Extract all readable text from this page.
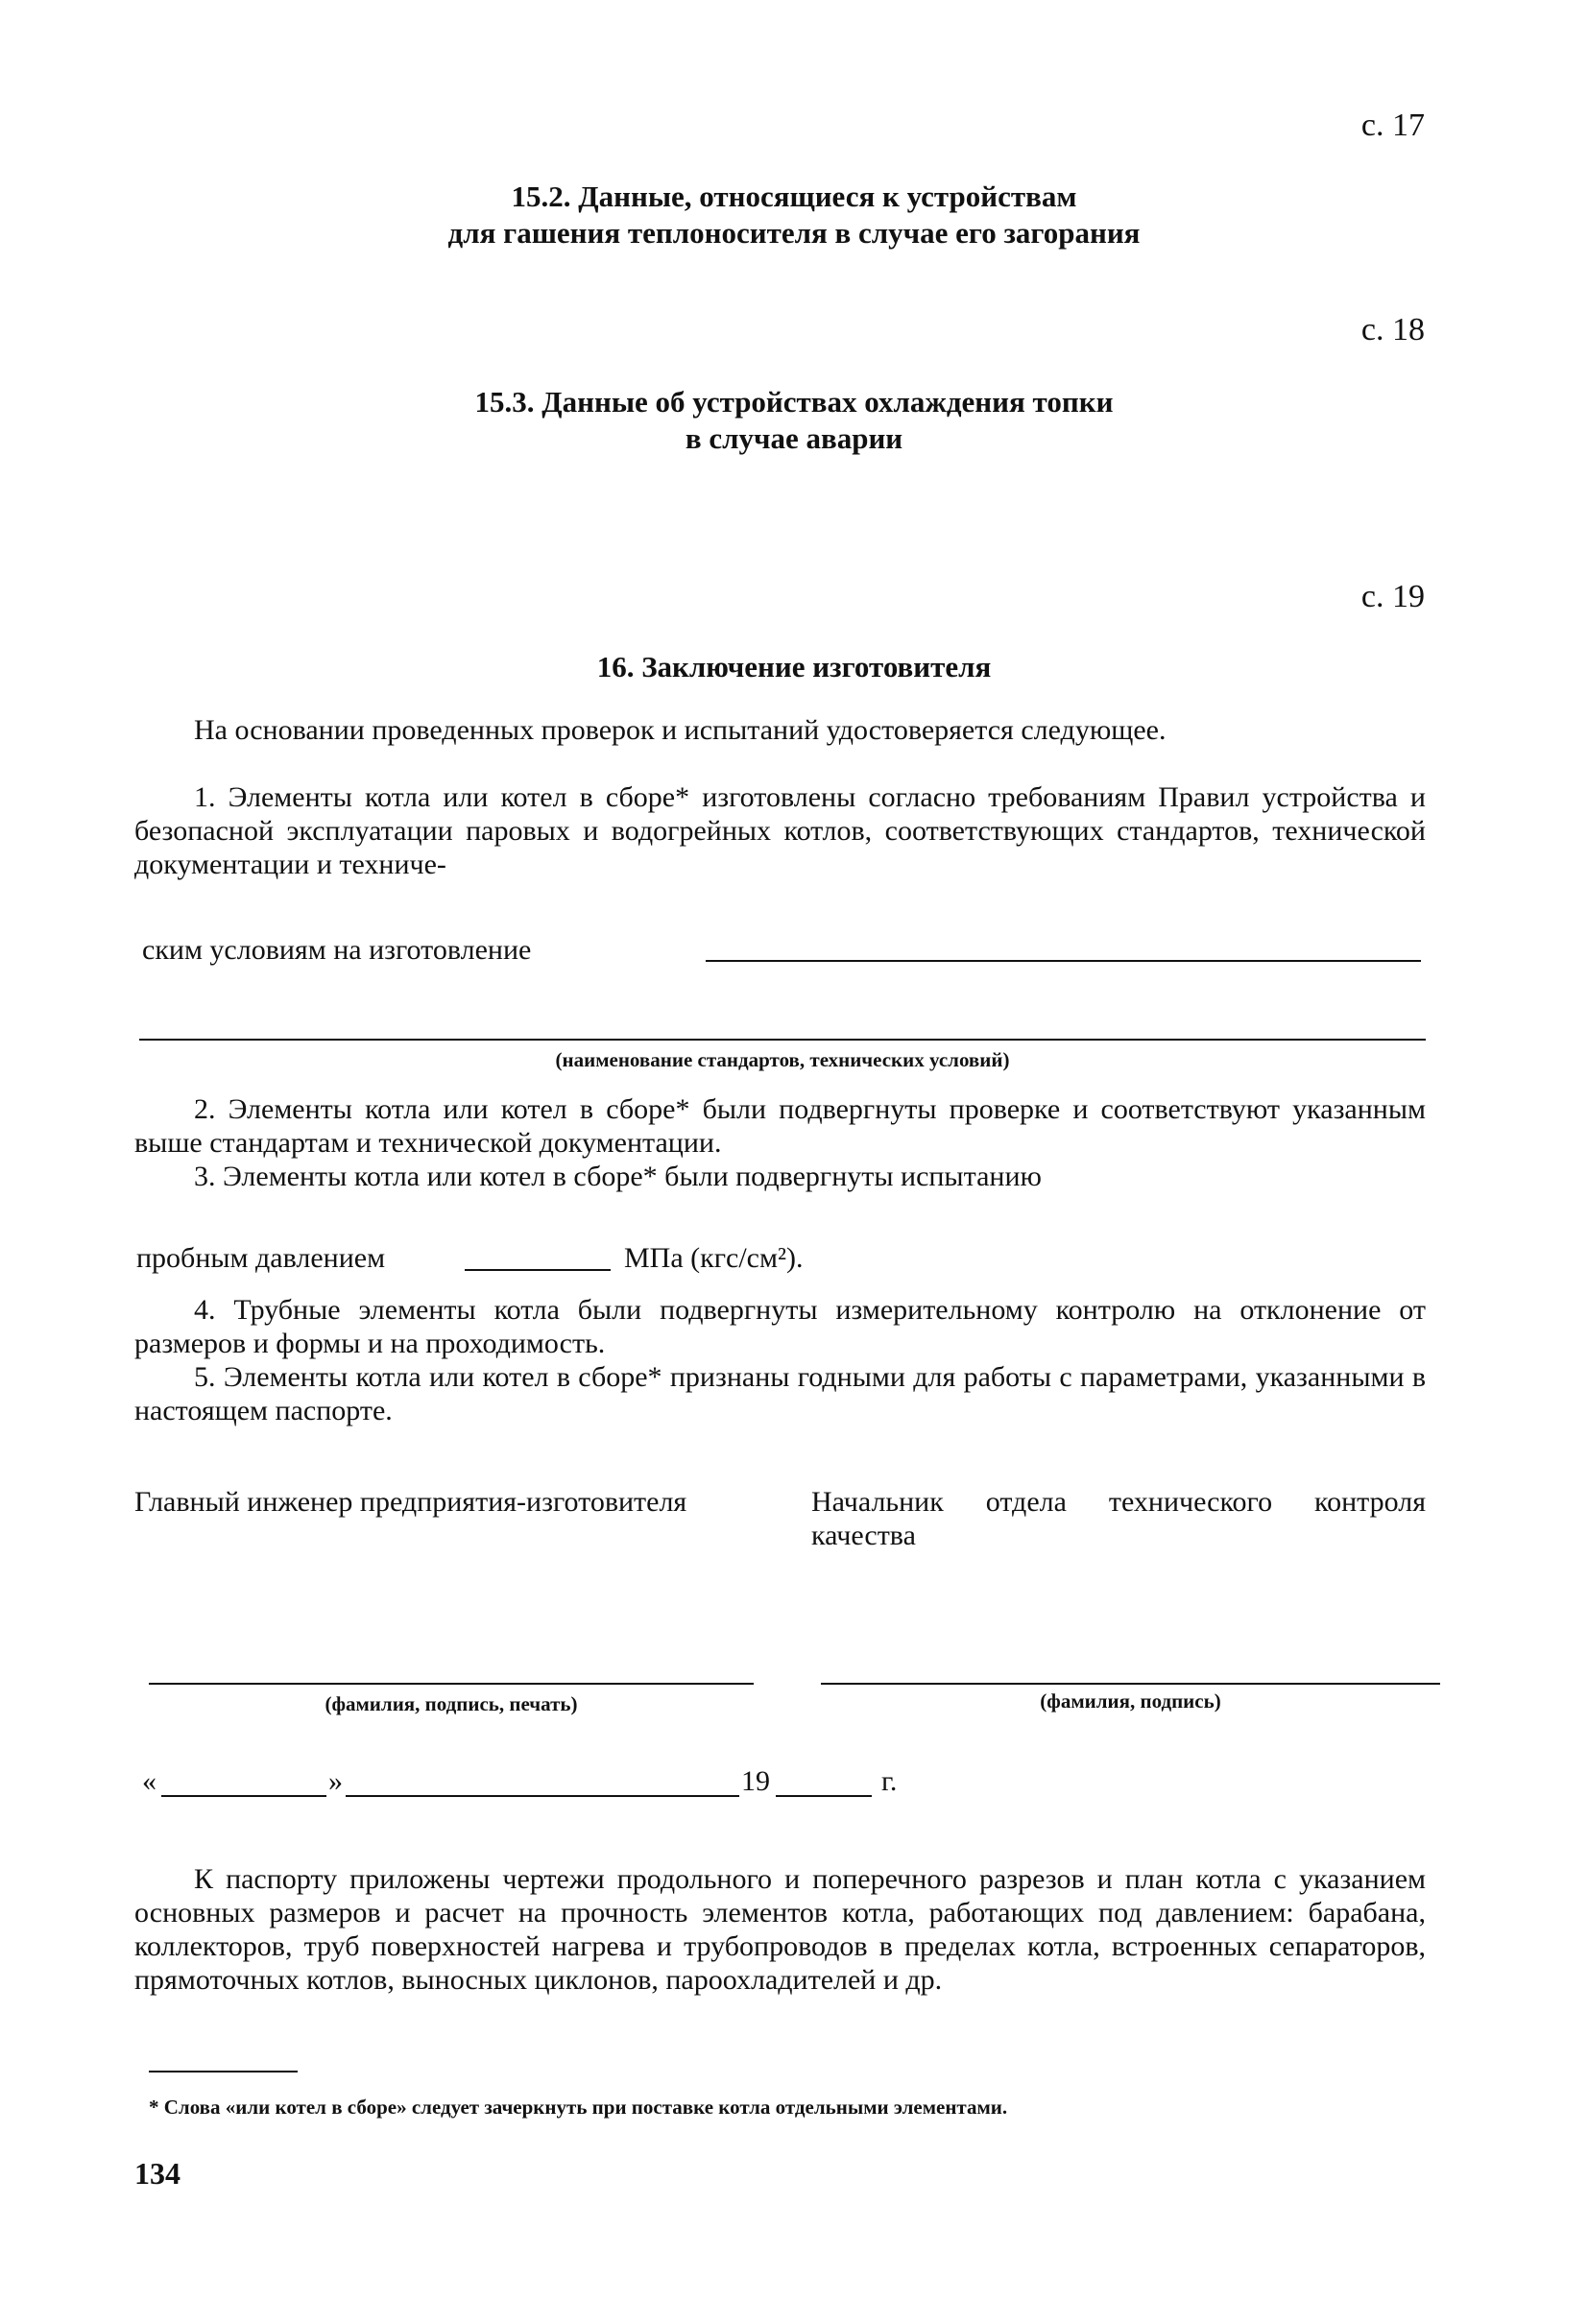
с. 17
с. 18
с. 19
15.2. Данные, относящиеся к устройствам
для гашения теплоносителя в случае его загорания
15.3. Данные об устройствах охлаждения топки
в случае аварии
16. Заключение изготовителя
На основании проведенных проверок и испытаний удостоверяется следующее.
1. Элементы котла или котел в сборе* изготовлены согласно требованиям Правил устройства и безопасной эксплуатации паровых и водогрейных котлов, соответствующих стандартов, технической документации и техниче-
ским условиям на изготовление
(наименование стандартов, технических условий)
2. Элементы котла или котел в сборе* были подвергнуты проверке и соответствуют указанным выше стандартам и технической документации.
3. Элементы котла или котел в сборе* были подвергнуты испытанию
пробным давлением	МПа (кгс/см²).
4. Трубные элементы котла были подвергнуты измерительному контролю на отклонение от размеров и формы и на проходимость.
5. Элементы котла или котел в сборе* признаны годными для работы с параметрами, указанными в настоящем паспорте.
Главный инженер предприятия-изготовителя	Начальник отдела технического контроля качества
(фамилия, подпись, печать)	(фамилия, подпись)
«	»	19	г.
К паспорту приложены чертежи продольного и поперечного разрезов и план котла с указанием основных размеров и расчет на прочность элементов котла, работающих под давлением: барабана, коллекторов, труб поверхностей нагрева и трубопроводов в пределах котла, встроенных сепараторов, прямоточных котлов, выносных циклонов, пароохладителей и др.
* Слова «или котел в сборе» следует зачеркнуть при поставке котла отдельными элементами.
134
